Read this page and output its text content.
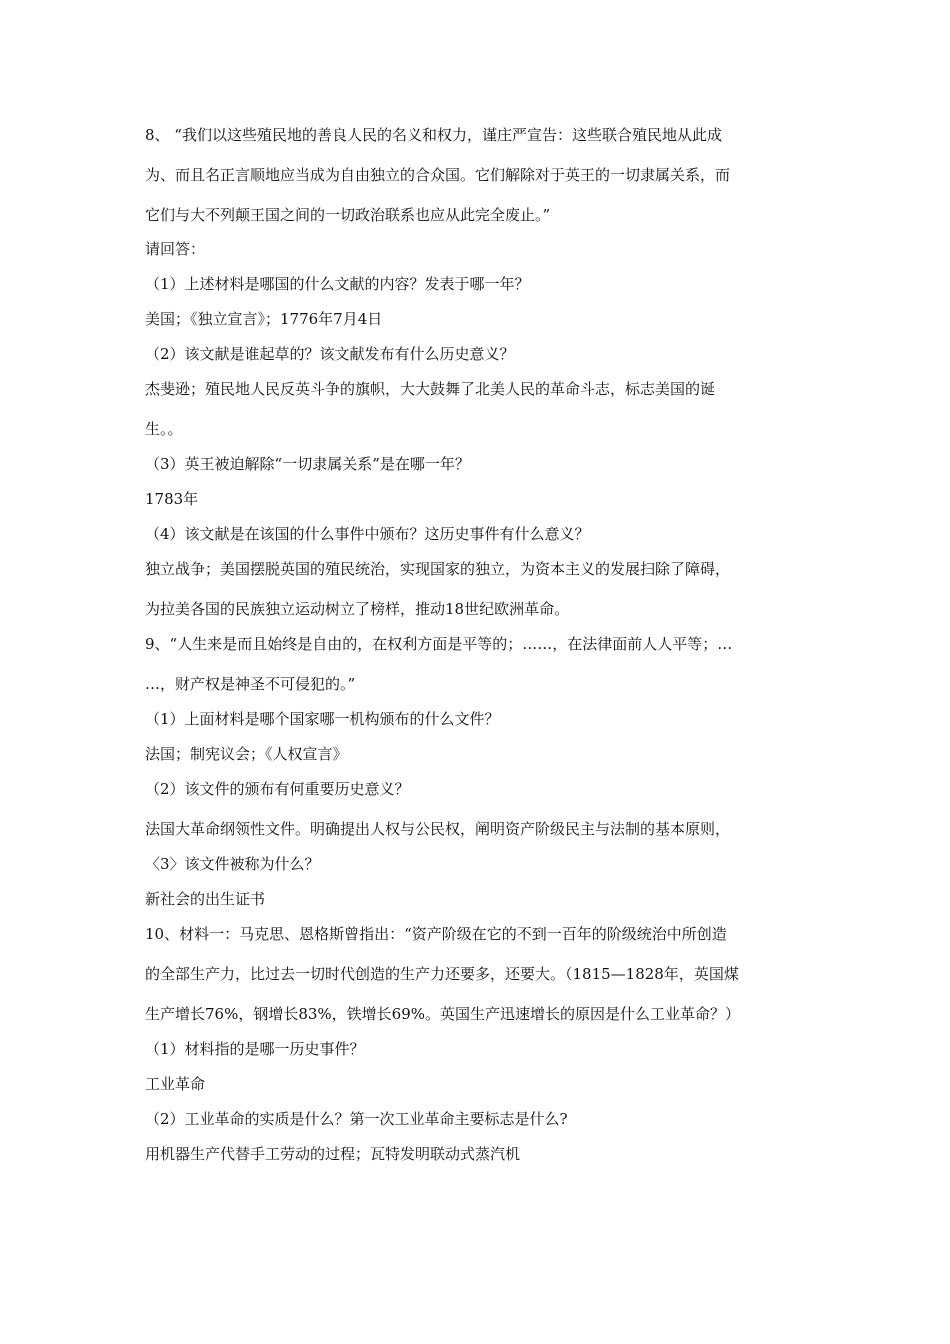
8、 “我们以这些殖民地的善良人民的名义和权力，谨庄严宣告：这些联合殖民地从此成

为、而且名正言顺地应当成为自由独立的合众国。它们解除对于英王的一切隶属关系，而

它们与大不列颠王国之间的一切政治联系也应从此完全废止。”

请回答：

（1）上述材料是哪国的什么文献的内容？发表于哪一年？

美国；《独立宣言》；1776年7月4日

（2）该文献是谁起草的？该文献发布有什么历史意义？

杰斐逊；殖民地人民反英斗争的旗帜，大大鼓舞了北美人民的革命斗志，标志美国的诞

生。。

（3）英王被迫解除“一切隶属关系”是在哪一年？

1783年

（4）该文献是在该国的什么事件中颁布？这历史事件有什么意义？

独立战争；美国摆脱英国的殖民统治，实现国家的独立，为资本主义的发展扫除了障碍，

为拉美各国的民族独立运动树立了榜样，推动18世纪欧洲革命。

9、“人生来是而且始终是自由的，在权利方面是平等的；……，在法律面前人人平等；…

…，财产权是神圣不可侵犯的。”

（1）上面材料是哪个国家哪一机构颁布的什么文件？

法国；制宪议会；《人权宣言》

（2）该文件的颁布有何重要历史意义？

法国大革命纲领性文件。明确提出人权与公民权，阐明资产阶级民主与法制的基本原则，

〈3〉该文件被称为什么？

新社会的出生证书

10、材料一：马克思、恩格斯曾指出：“资产阶级在它的不到一百年的阶级统治中所创造

的全部生产力，比过去一切时代创造的生产力还要多，还要大。（1815—1828年，英国煤

生产增长76%，钢增长83%，铁增长69%。英国生产迅速增长的原因是什么工业革命？）

（1）材料指的是哪一历史事件？

工业革命

（2）工业革命的实质是什么？第一次工业革命主要标志是什么?

用机器生产代替手工劳动的过程；瓦特发明联动式蒸汽机
